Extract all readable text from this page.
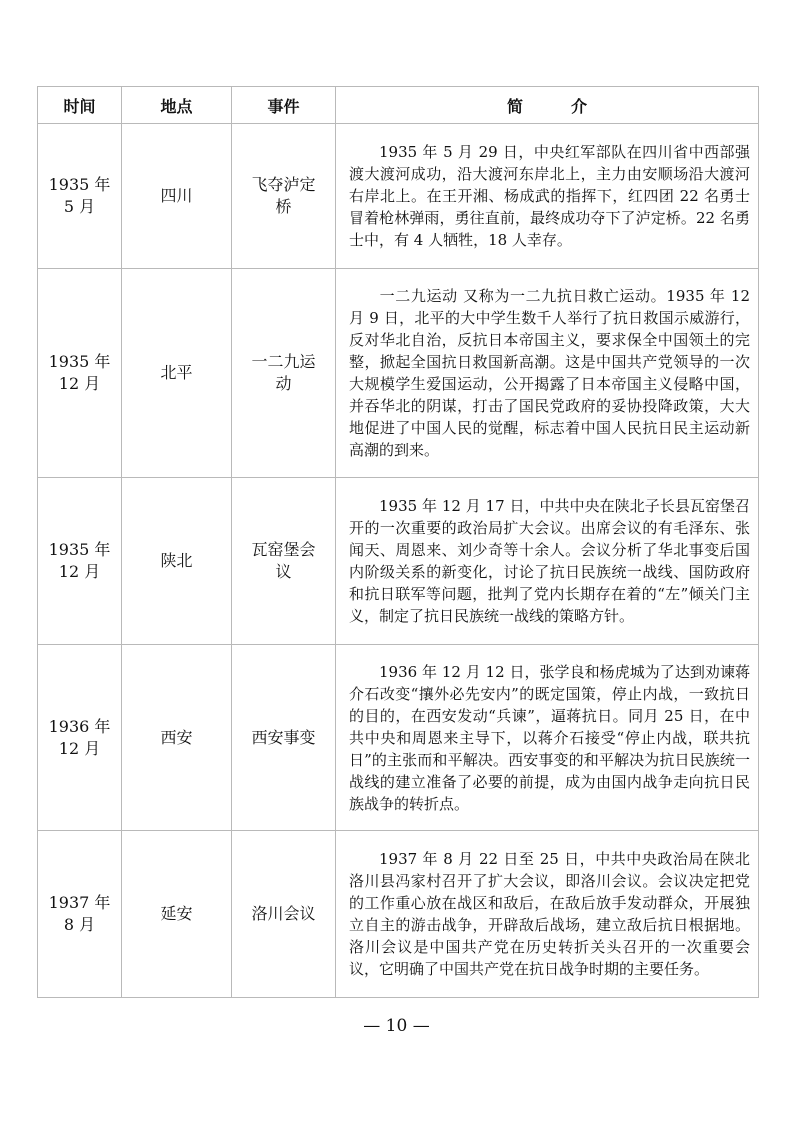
时间	地点	事件	简　　　介

1935 年
5 月	四川	飞夺泸定桥	1935 年 5 月 29 日，中央红军部队在四川省中西部强渡大渡河成功，沿大渡河东岸北上，主力由安顺场沿大渡河右岸北上。在王开湘、杨成武的指挥下，红四团 22 名勇士冒着枪林弹雨，勇往直前，最终成功夺下了泸定桥。22 名勇士中，有 4 人牺牲，18 人幸存。

1935 年
12 月	北平	一二九运动	一二九运动 又称为一二九抗日救亡运动。1935 年 12 月 9 日，北平的大中学生数千人举行了抗日救国示威游行，反对华北自治，反抗日本帝国主义，要求保全中国领土的完整，掀起全国抗日救国新高潮。这是中国共产党领导的一次大规模学生爱国运动，公开揭露了日本帝国主义侵略中国，并吞华北的阴谋，打击了国民党政府的妥协投降政策，大大地促进了中国人民的觉醒，标志着中国人民抗日民主运动新高潮的到来。

1935 年
12 月	陕北	瓦窑堡会议	1935 年 12 月 17 日，中共中央在陕北子长县瓦窑堡召开的一次重要的政治局扩大会议。出席会议的有毛泽东、张闻天、周恩来、刘少奇等十余人。会议分析了华北事变后国内阶级关系的新变化，讨论了抗日民族统一战线、国防政府和抗日联军等问题，批判了党内长期存在着的“左”倾关门主义，制定了抗日民族统一战线的策略方针。

1936 年
12 月	西安	西安事变	1936 年 12 月 12 日，张学良和杨虎城为了达到劝谏蒋介石改变“攘外必先安内”的既定国策，停止内战，一致抗日的目的，在西安发动“兵谏”，逼蒋抗日。同月 25 日，在中共中央和周恩来主导下，以蒋介石接受“停止内战，联共抗日”的主张而和平解决。西安事变的和平解决为抗日民族统一战线的建立准备了必要的前提，成为由国内战争走向抗日民族战争的转折点。

1937 年
8 月	延安	洛川会议	1937 年 8 月 22 日至 25 日，中共中央政治局在陕北洛川县冯家村召开了扩大会议，即洛川会议。会议决定把党的工作重心放在战区和敌后，在敌后放手发动群众，开展独立自主的游击战争，开辟敌后战场，建立敌后抗日根据地。洛川会议是中国共产党在历史转折关头召开的一次重要会议，它明确了中国共产党在抗日战争时期的主要任务。
— 10 —
